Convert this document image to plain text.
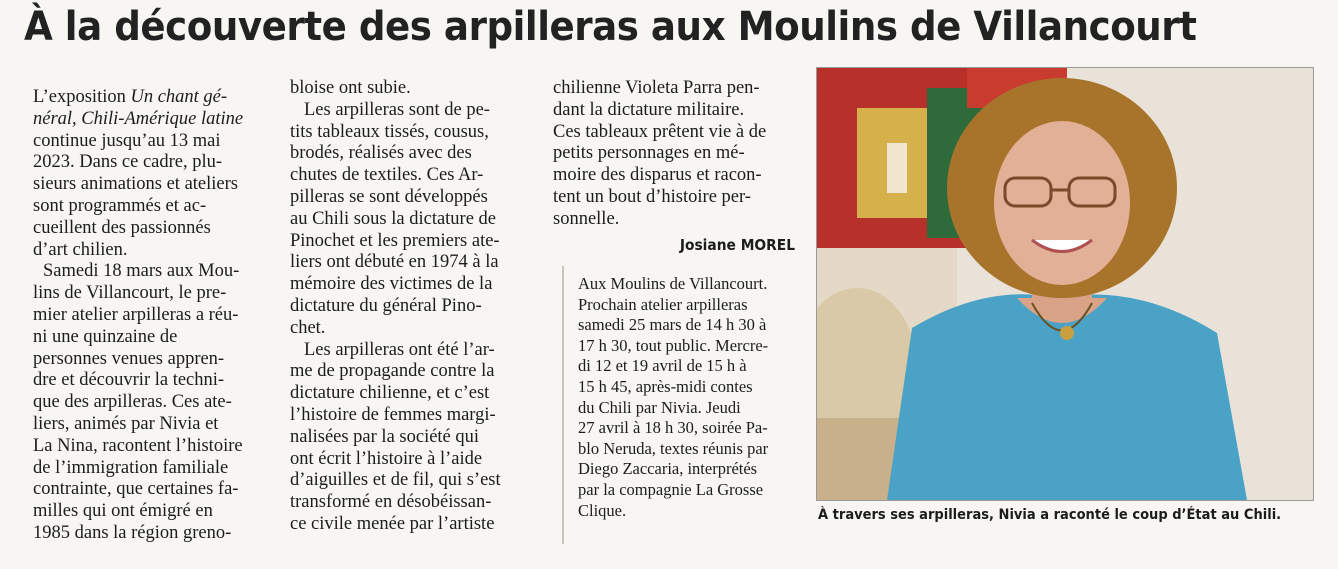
À la découverte des arpilleras aux Moulins de Villancourt
L’exposition Un chant gé-
néral, Chili-Amérique latine
continue jusqu’au 13 mai
2023. Dans ce cadre, plu-
sieurs animations et ateliers
sont programmés et ac-
cueillent des passionnés
d’art chilien.
Samedi 18 mars aux Mou-
lins de Villancourt, le pre-
mier atelier arpilleras a réu-
ni une quinzaine de
personnes venues appren-
dre et découvrir la techni-
que des arpilleras. Ces ate-
liers, animés par Nivia et
La Nina, racontent l’histoire
de l’immigration familiale
contrainte, que certaines fa-
milles qui ont émigré en
1985 dans la région greno-
bloise ont subie.
Les arpilleras sont de pe-
tits tableaux tissés, cousus,
brodés, réalisés avec des
chutes de textiles. Ces Ar-
pilleras se sont développés
au Chili sous la dictature de
Pinochet et les premiers ate-
liers ont débuté en 1974 à la
mémoire des victimes de la
dictature du général Pino-
chet.
Les arpilleras ont été l’ar-
me de propagande contre la
dictature chilienne, et c’est
l’histoire de femmes margi-
nalisées par la société qui
ont écrit l’histoire à l’aide
d’aiguilles et de fil, qui s’est
transformé en désobéissan-
ce civile menée par l’artiste
chilienne Violeta Parra pen-
dant la dictature militaire.
Ces tableaux prêtent vie à de
petits personnages en mé-
moire des disparus et racon-
tent un bout d’histoire per-
sonnelle.
Josiane MOREL
Aux Moulins de Villancourt.
Prochain atelier arpilleras
samedi 25 mars de 14 h 30 à
17 h 30, tout public. Mercre-
di 12 et 19 avril de 15 h à
15 h 45, après-midi contes
du Chili par Nivia. Jeudi
27 avril à 18 h 30, soirée Pa-
blo Neruda, textes réunis par
Diego Zaccaria, interprétés
par la compagnie La Grosse
Clique.	À travers ses arpilleras, Nivia a raconté le coup d’État au Chili.
